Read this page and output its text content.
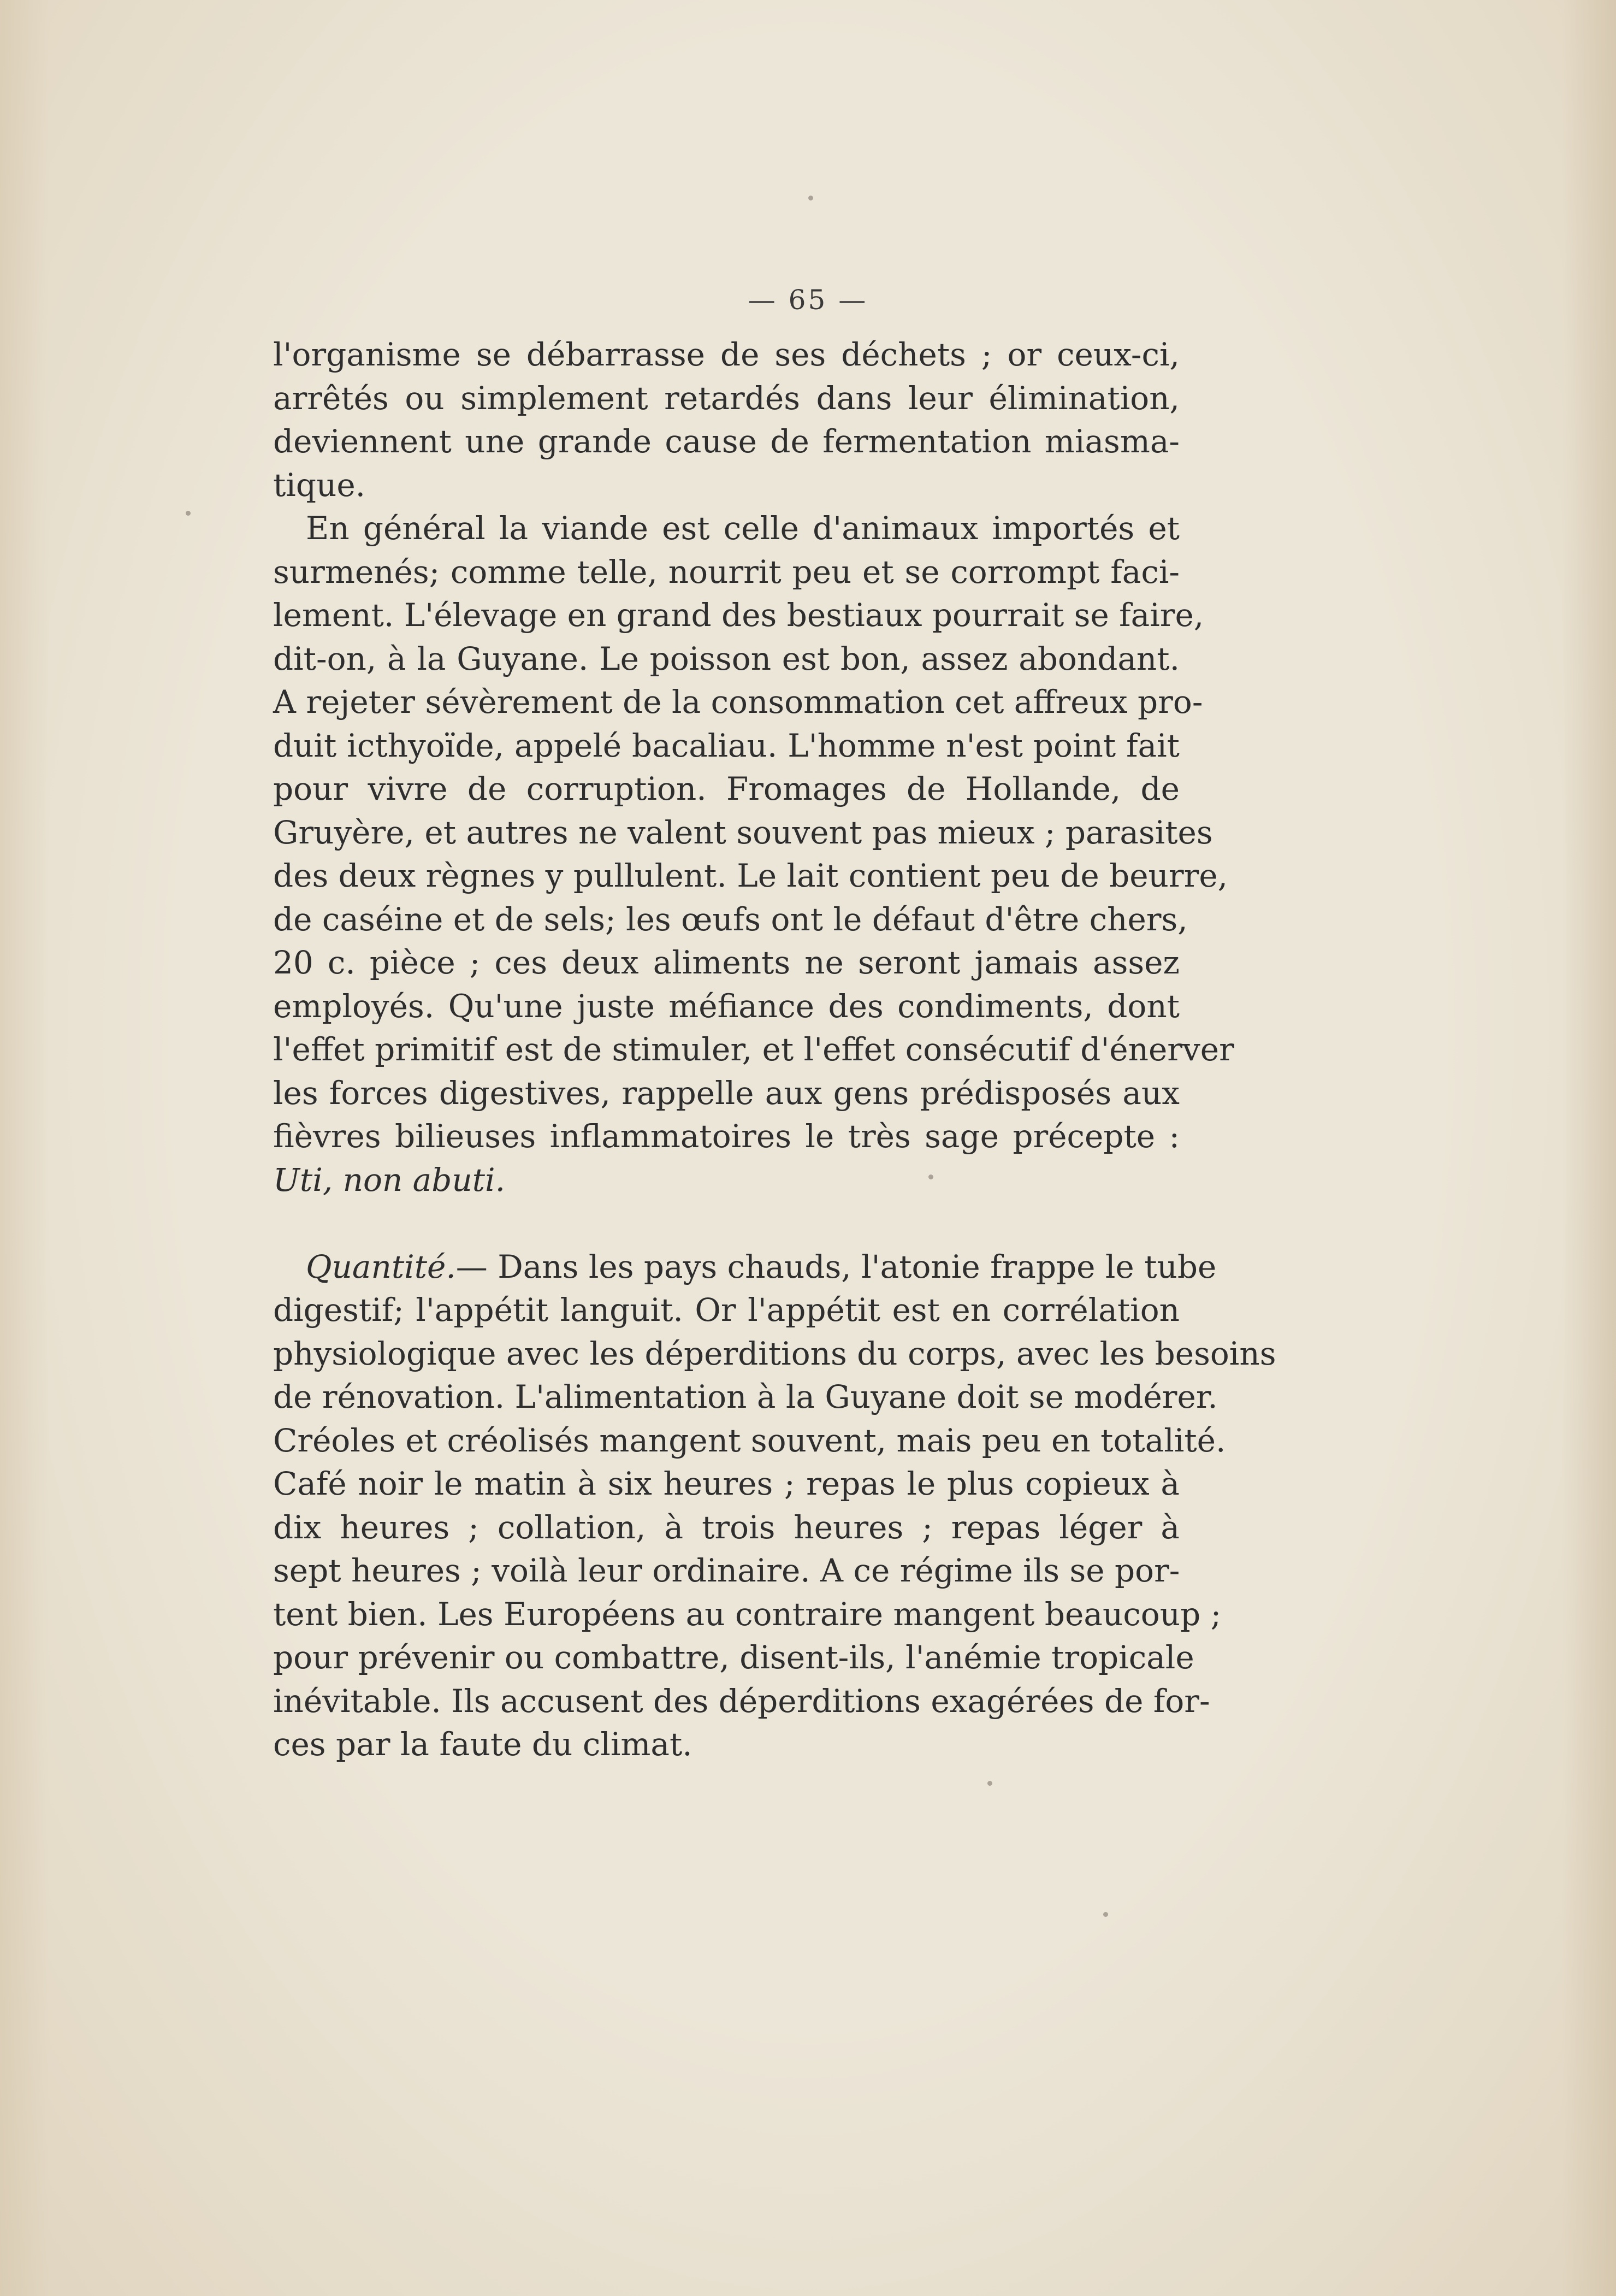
— 65 —
l'organisme se débarrasse de ses déchets ; or ceux-ci,
arrêtés ou simplement retardés dans leur élimination,
deviennent une grande cause de fermentation miasma-
tique.
En général la viande est celle d'animaux importés et
surmenés; comme telle, nourrit peu et se corrompt faci-
lement. L'élevage en grand des bestiaux pourrait se faire,
dit-on, à la Guyane. Le poisson est bon, assez abondant.
A rejeter sévèrement de la consommation cet affreux pro-
duit icthyoïde, appelé bacaliau. L'homme n'est point fait
pour vivre de corruption. Fromages de Hollande, de
Gruyère, et autres ne valent souvent pas mieux ; parasites
des deux règnes y pullulent. Le lait contient peu de beurre,
de caséine et de sels; les œufs ont le défaut d'être chers,
20 c. pièce ; ces deux aliments ne seront jamais assez
employés. Qu'une juste méfiance des condiments, dont
l'effet primitif est de stimuler, et l'effet consécutif d'énerver
les forces digestives, rappelle aux gens prédisposés aux
fièvres bilieuses inflammatoires le très sage précepte :
Uti, non abuti.
Quantité.— Dans les pays chauds, l'atonie frappe le tube
digestif; l'appétit languit. Or l'appétit est en corrélation
physiologique avec les déperditions du corps, avec les besoins
de rénovation. L'alimentation à la Guyane doit se modérer.
Créoles et créolisés mangent souvent, mais peu en totalité.
Café noir le matin à six heures ; repas le plus copieux à
dix heures ; collation, à trois heures ; repas léger à
sept heures ; voilà leur ordinaire. A ce régime ils se por-
tent bien. Les Européens au contraire mangent beaucoup ;
pour prévenir ou combattre, disent-ils, l'anémie tropicale
inévitable. Ils accusent des déperditions exagérées de for-
ces par la faute du climat.
